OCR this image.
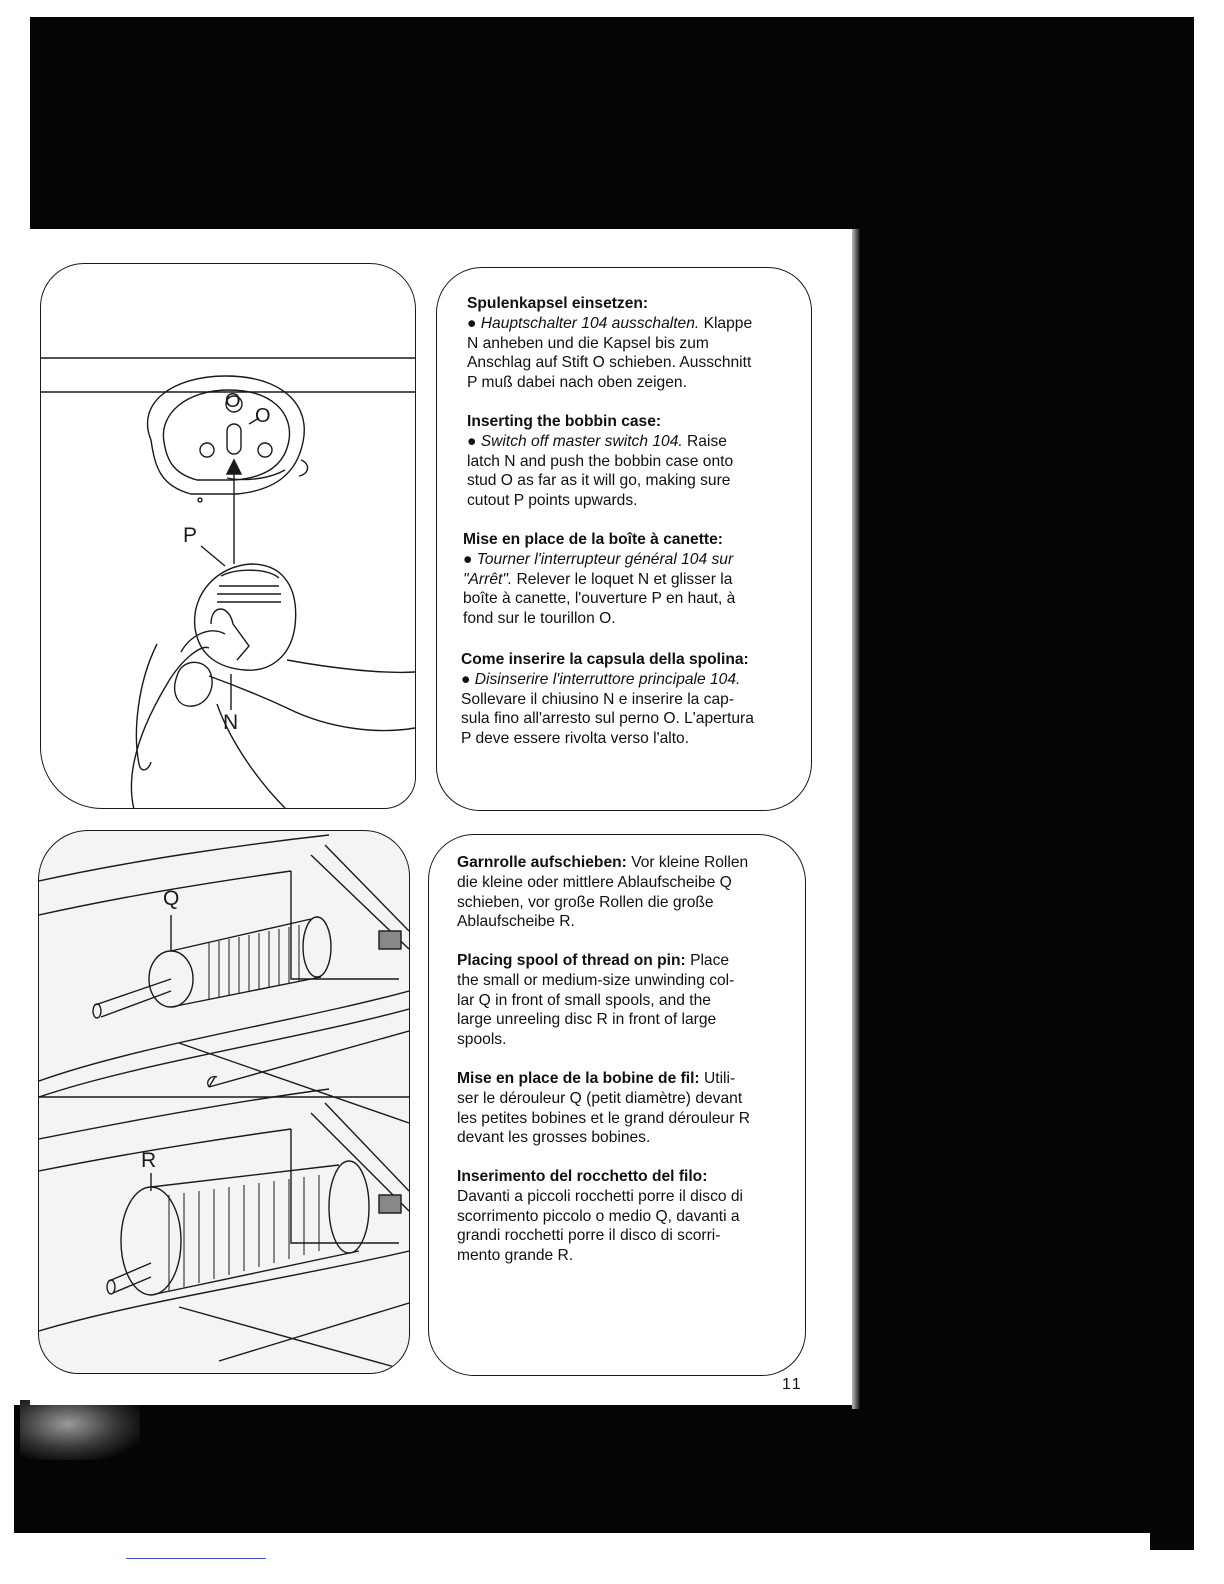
O
O
P
N

Spulenkapsel einsetzen:

● Hauptschalter 104 ausschalten. Klappe

N anheben und die Kapsel bis zum

Anschlag auf Stift O schieben. Ausschnitt

P muß dabei nach oben zeigen.

Inserting the bobbin case:

● Switch off master switch 104. Raise

latch N and push the bobbin case onto

stud O as far as it will go, making sure

cutout P points upwards.

Mise en place de la boîte à canette:

● Tourner l'interrupteur général 104 sur

"Arrêt". Relever le loquet N et glisser la

boîte à canette, l'ouverture P en haut, à

fond sur le tourillon O.

Come inserire la capsula della spolina:

● Disinserire l'interruttore principale 104.

Sollevare il chiusino N e inserire la cap-

sula fino all'arresto sul perno O. L'apertura

P deve essere rivolta verso l'alto.

Q
R

Garnrolle aufschieben: Vor kleine Rollen

die kleine oder mittlere Ablaufscheibe Q

schieben, vor große Rollen die große

Ablaufscheibe R.

Placing spool of thread on pin: Place

the small or medium-size unwinding col-

lar Q in front of small spools, and the

large unreeling disc R in front of large

spools.

Mise en place de la bobine de fil: Utili-

ser le dérouleur Q (petit diamètre) devant

les petites bobines et le grand dérouleur R

devant les grosses bobines.

Inserimento del rocchetto del filo:

Davanti a piccoli rocchetti porre il disco di

scorrimento piccolo o medio Q, davanti a

grandi rocchetti porre il disco di scorri-

mento grande R.

11
